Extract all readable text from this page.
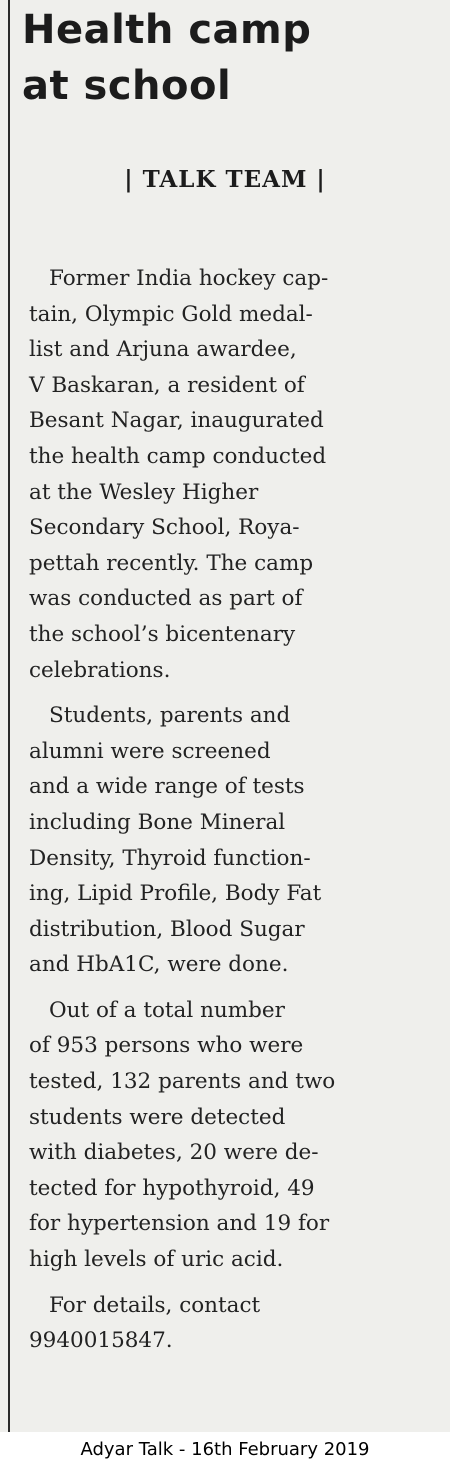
Health camp
at school
| TALK TEAM |

Former India hockey cap-
tain, Olympic Gold medal-
list and Arjuna awardee,
V Baskaran, a resident of
Besant Nagar, inaugurated
the health camp conducted
at the Wesley Higher
Secondary School, Roya-
pettah recently. The camp
was conducted as part of
the school’s bicentenary
celebrations.

Students, parents and
alumni were screened
and a wide range of tests
including Bone Mineral
Density, Thyroid function-
ing, Lipid Profile, Body Fat
distribution, Blood Sugar
and HbA1C, were done.

Out of a total number
of 953 persons who were
tested, 132 parents and two
students were detected
with diabetes, 20 were de-
tected for hypothyroid, 49
for hypertension and 19 for
high levels of uric acid.

For details, contact
9940015847.

Adyar Talk - 16th February 2019
